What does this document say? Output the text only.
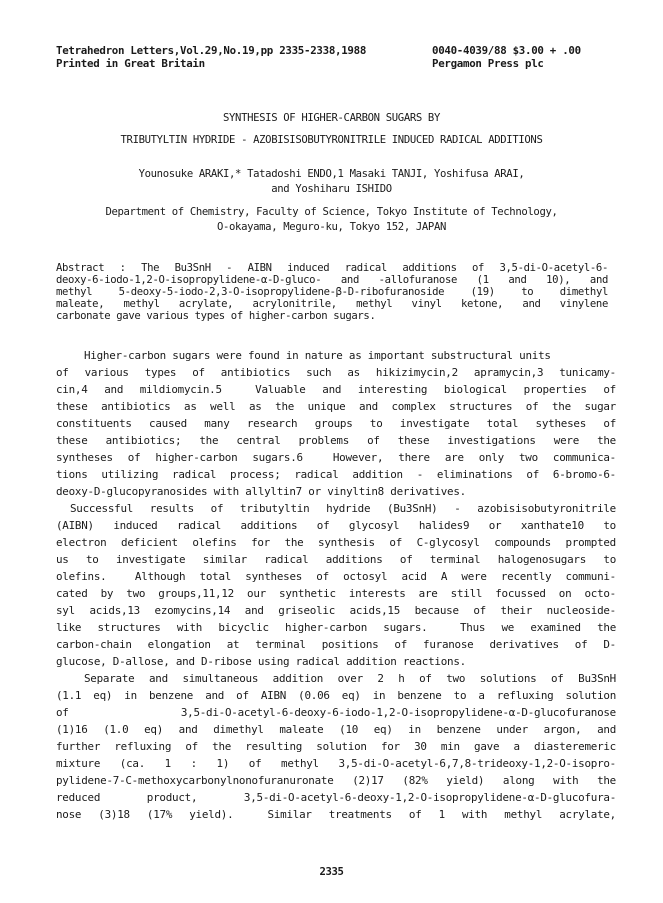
Tetrahedron Letters,Vol.29,No.19,pp 2335-2338,1988
Printed in Great Britain
0040-4039/88 $3.00 + .00
Pergamon Press plc
SYNTHESIS OF HIGHER-CARBON SUGARS BY
TRIBUTYLTIN HYDRIDE - AZOBISISOBUTYRONITRILE INDUCED RADICAL ADDITIONS
Younosuke ARAKI,* Tatadoshi ENDO,1 Masaki TANJI, Yoshifusa ARAI,
and Yoshiharu ISHIDO
Department of Chemistry, Faculty of Science, Tokyo Institute of Technology,
O-okayama, Meguro-ku, Tokyo 152, JAPAN
Abstract : The Bu3SnH - AIBN induced radical additions of 3,5-di-O-acetyl-6-
deoxy-6-iodo-1,2-O-isopropylidene-α-D-gluco- and -allofuranose (1 and 10), and
methyl 5-deoxy-5-iodo-2,3-O-isopropylidene-β-D-ribofuranoside (19) to dimethyl
maleate, methyl acrylate, acrylonitrile, methyl vinyl ketone, and vinylene
carbonate gave various types of higher-carbon sugars.
Higher-carbon sugars were found in nature as important substructural units
of various types of antibiotics such as hikizimycin,2 apramycin,3 tunicamy-
cin,4 and mildiomycin.5  Valuable and interesting biological properties of
these antibiotics as well as the unique and complex structures of the sugar
constituents caused many research groups to investigate total sytheses of
these antibiotics; the central problems of these investigations were the
syntheses of higher-carbon sugars.6  However, there are only two communica-
tions utilizing radical process; radical addition - eliminations of 6-bromo-6-
deoxy-D-glucopyranosides with allyltin7 or vinyltin8 derivatives.
Successful results of tributyltin hydride (Bu3SnH) - azobisisobutyronitrile
(AIBN) induced radical additions of glycosyl halides9 or xanthate10 to
electron deficient olefins for the synthesis of C-glycosyl compounds prompted
us to investigate similar radical additions of terminal halogenosugars to
olefins.  Although total syntheses of octosyl acid A were recently communi-
cated by two groups,11,12 our synthetic interests are still focussed on octo-
syl acids,13 ezomycins,14 and griseolic acids,15 because of their nucleoside-
like structures with bicyclic higher-carbon sugars.  Thus we examined the
carbon-chain elongation at terminal positions of furanose derivatives of D-
glucose, D-allose, and D-ribose using radical addition reactions.
Separate and simultaneous addition over 2 h of two solutions of Bu3SnH
(1.1 eq) in benzene and of AIBN (0.06 eq) in benzene to a refluxing solution
of 3,5-di-O-acetyl-6-deoxy-6-iodo-1,2-O-isopropylidene-α-D-glucofuranose
(1)16 (1.0 eq) and dimethyl maleate (10 eq) in benzene under argon, and
further refluxing of the resulting solution for 30 min gave a diasteremeric
mixture (ca. 1 : 1) of methyl 3,5-di-O-acetyl-6,7,8-trideoxy-1,2-O-isopro-
pylidene-7-C-methoxycarbonylnonofuranuronate (2)17 (82% yield) along with the
reduced product, 3,5-di-O-acetyl-6-deoxy-1,2-O-isopropylidene-α-D-glucofura-
nose (3)18 (17% yield).  Similar treatments of 1 with methyl acrylate,
2335
